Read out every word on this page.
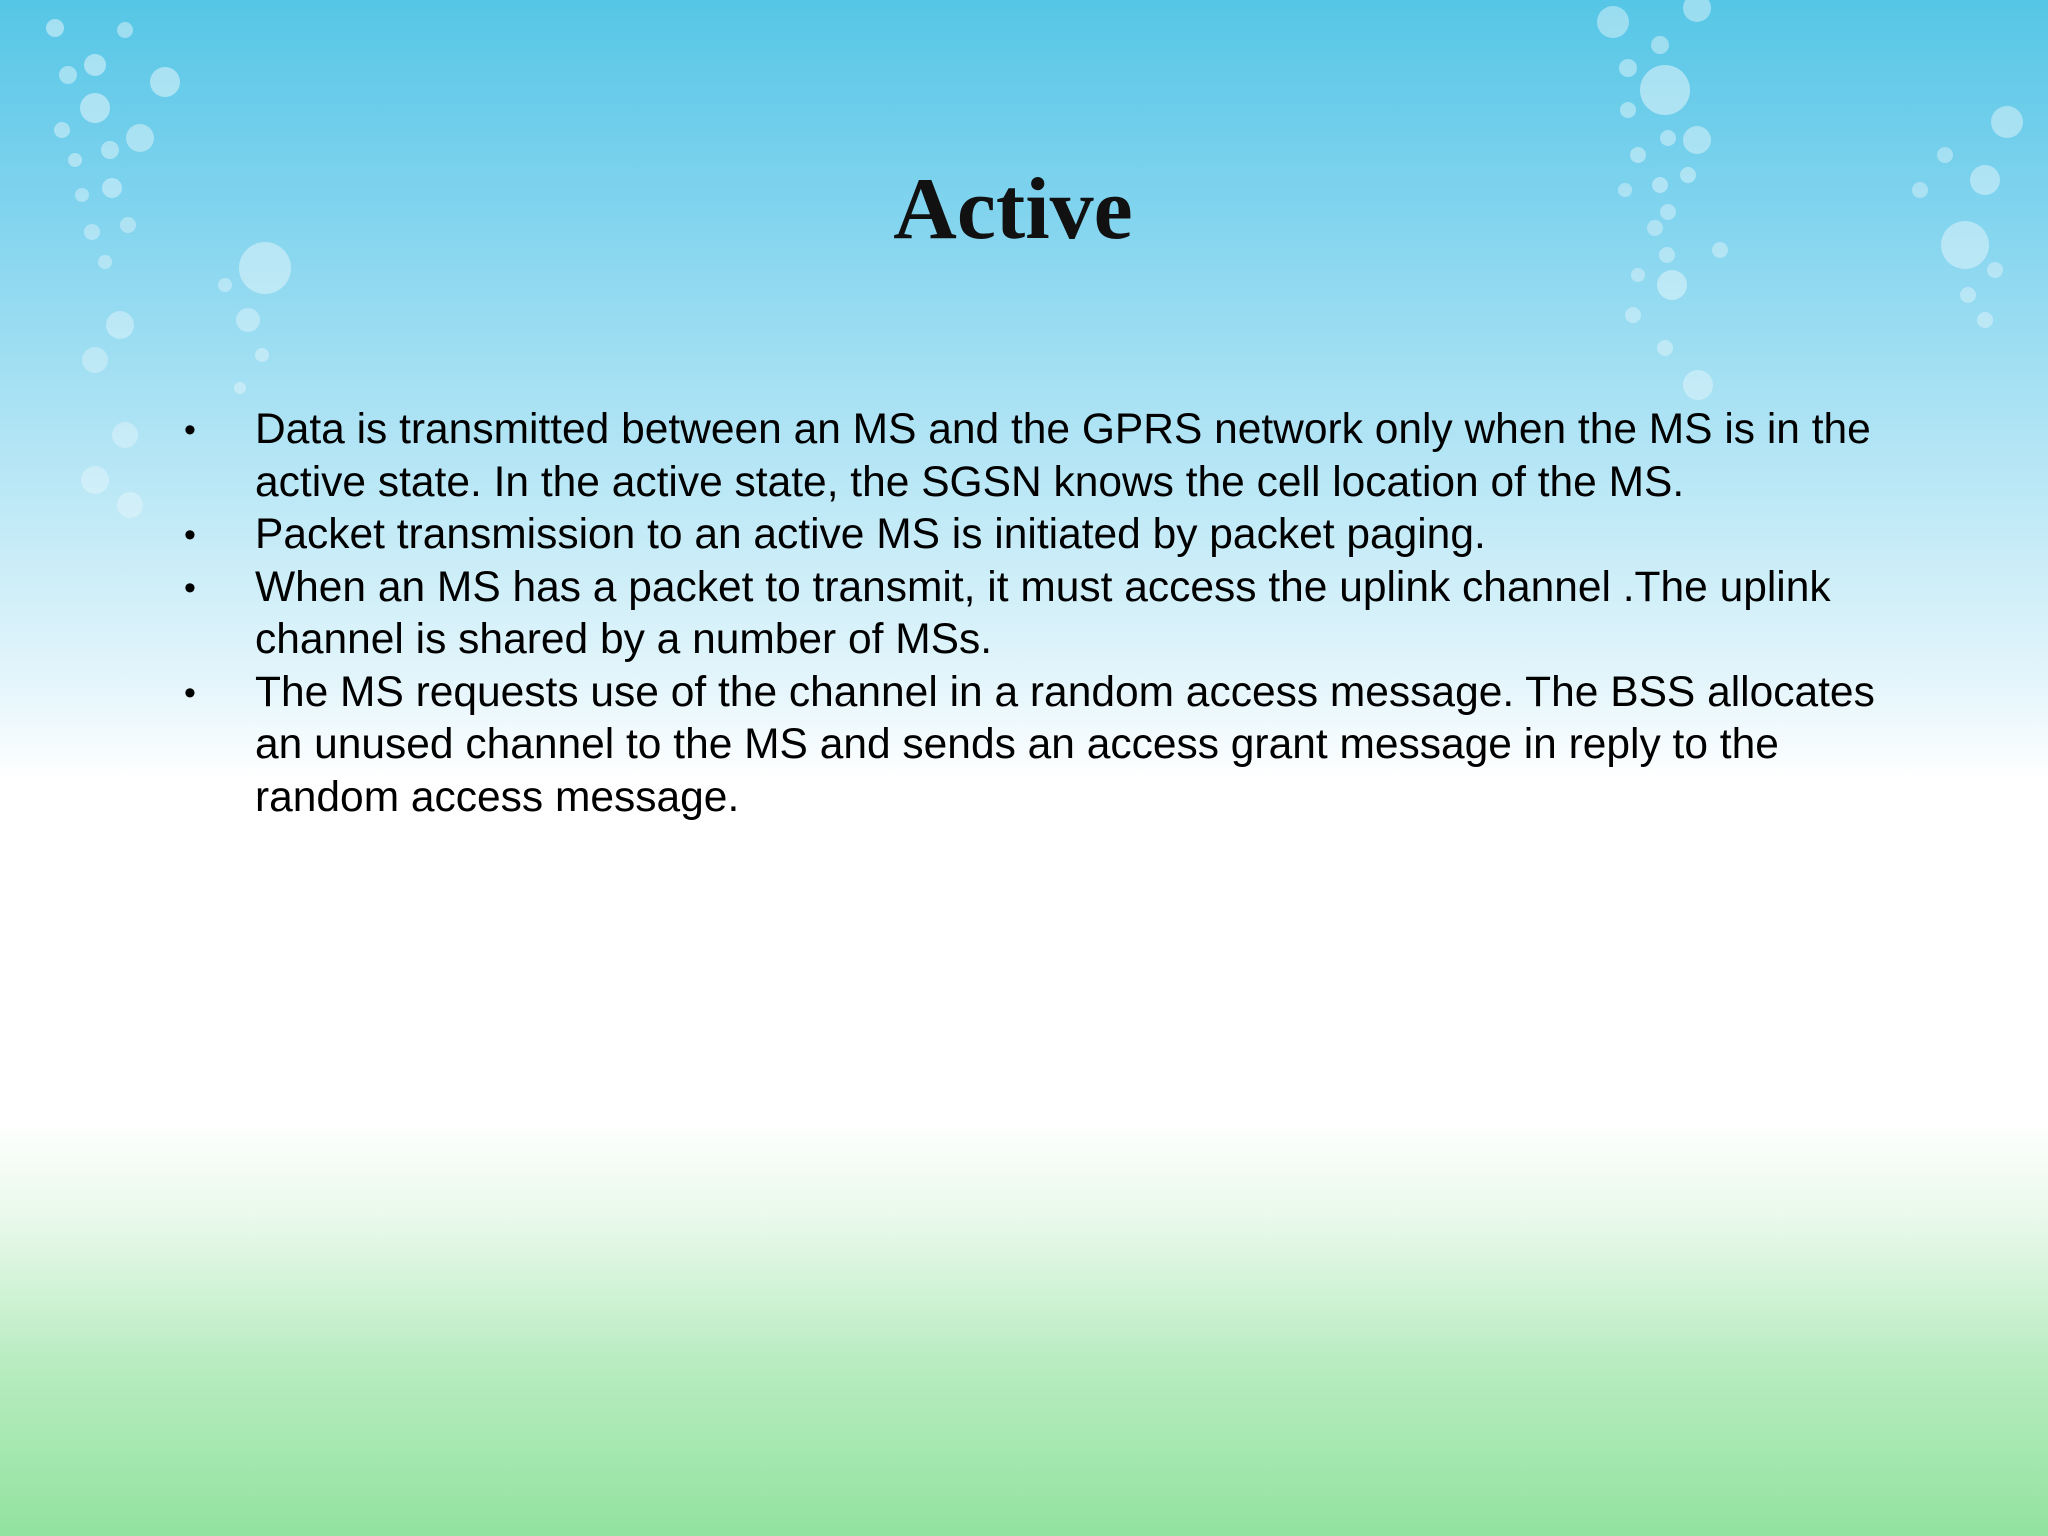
Active
• Data is transmitted between an MS and the GPRS network only when the MS is in the active state. In the active state, the SGSN knows the cell location of the MS.
• Packet transmission to an active MS is initiated by packet paging.
• When an MS has a packet to transmit, it must access the uplink channel .The uplink channel is shared by a number of MSs.
• The MS requests use of the channel in a random access message. The BSS allocates an unused channel to the MS and sends an access grant message in reply to the random access message.
